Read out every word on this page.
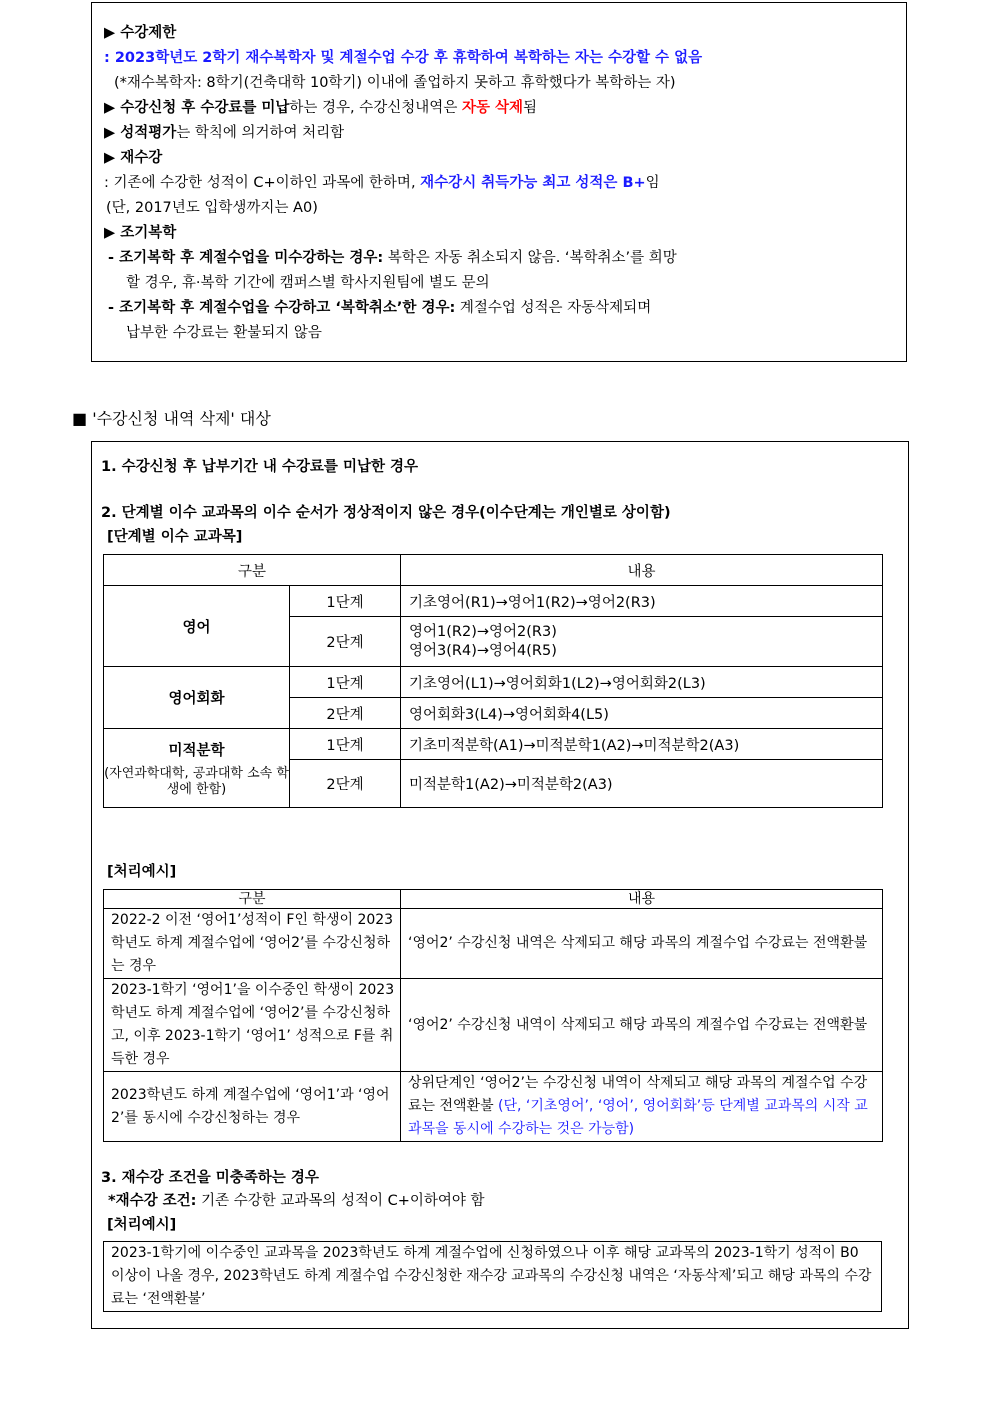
▶ 수강제한
: 2023학년도 2학기 재수복학자 및 계절수업 수강 후 휴학하여 복학하는 자는 수강할 수 없음
(*재수복학자: 8학기(건축대학 10학기) 이내에 졸업하지 못하고 휴학했다가 복학하는 자)
▶ 수강신청 후 수강료를 미납하는 경우, 수강신청내역은 자동 삭제됨
▶ 성적평가는 학칙에 의거하여 처리함
▶ 재수강
: 기존에 수강한 성적이 C+이하인 과목에 한하며, 재수강시 취득가능 최고 성적은 B+임
(단, 2017년도 입학생까지는 A0)
▶ 조기복학
- 조기복학 후 계절수업을 미수강하는 경우: 복학은 자동 취소되지 않음. ‘복학취소’를 희망
할 경우, 휴·복학 기간에 캠퍼스별 학사지원팀에 별도 문의
- 조기복학 후 계절수업을 수강하고 ‘복학취소’한 경우: 계절수업 성적은 자동삭제되며
납부한 수강료는 환불되지 않음
■ '수강신청 내역 삭제' 대상
1. 수강신청 후 납부기간 내 수강료를 미납한 경우
2. 단계별 이수 교과목의 이수 순서가 정상적이지 않은 경우(이수단계는 개인별로 상이함)
[단계별 이수 교과목]
구분		내용
영어	1단계	기초영어(R1)→영어1(R2)→영어2(R3)
	2단계	영어1(R2)→영어2(R3)
영어3(R4)→영어4(R5)

영어회화	1단계	기초영어(L1)→영어회화1(L2)→영어회화2(L3)
	2단계	영어회화3(L4)→영어회화4(L5)
미적분학
(자연과학대학, 공과대학 소속 학생에 한함)	1단계	기초미적분학(A1)→미적분학1(A2)→미적분학2(A3)
	2단계	미적분학1(A2)→미적분학2(A3)
[처리예시]
구분	내용
2022-2 이전 ‘영어1’성적이 F인 학생이 2023학년도 하계 계절수업에 ‘영어2’를 수강신청하는 경우	‘영어2’ 수강신청 내역은 삭제되고 해당 과목의 계절수업 수강료는 전액환불
2023-1학기 ‘영어1’을 이수중인 학생이 2023학년도 하계 계절수업에 ‘영어2’를 수강신청하고, 이후 2023-1학기 ‘영어1’ 성적으로 F를 취득한 경우	‘영어2’ 수강신청 내역이 삭제되고 해당 과목의 계절수업 수강료는 전액환불
2023학년도 하계 계절수업에 ‘영어1’과 ‘영어2’를 동시에 수강신청하는 경우	상위단계인 ‘영어2’는 수강신청 내역이 삭제되고 해당 과목의 계절수업 수강료는 전액환불 (단, ‘기초영어’, ‘영어’, 영어회화’등 단계별 교과목의 시작 교과목을 동시에 수강하는 것은 가능함)
3. 재수강 조건을 미충족하는 경우
*재수강 조건: 기존 수강한 교과목의 성적이 C+이하여야 함
[처리예시]
2023-1학기에 이수중인 교과목을 2023학년도 하계 계절수업에 신청하였으나 이후 해당 교과목의 2023-1학기 성적이 B0 이상이 나올 경우, 2023학년도 하계 계절수업 수강신청한 재수강 교과목의 수강신청 내역은 ‘자동삭제’되고 해당 과목의 수강료는 ‘전액환불’
